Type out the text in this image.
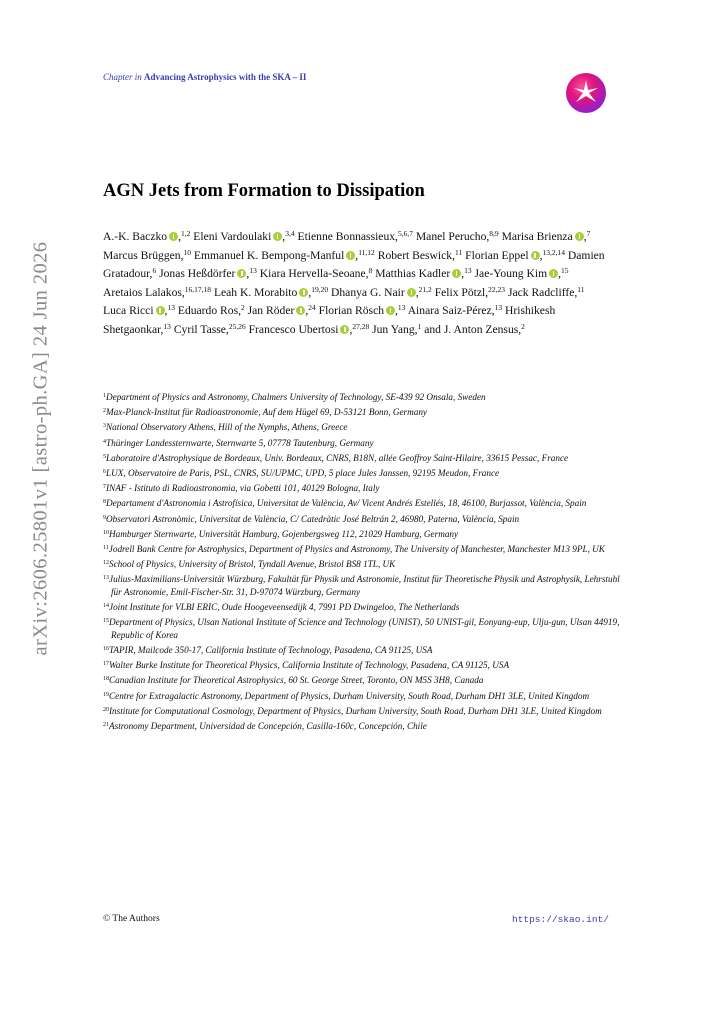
arXiv:2606.25801v1 [astro-ph.GA] 24 Jun 2026
Chapter in Advancing Astrophysics with the SKA – II
AGN Jets from Formation to Dissipation
A.-K. Baczko ,$^{1,2}$ Eleni Vardoulaki ,$^{3,4}$ Etienne Bonnassieux,$^{5,6,7}$ Manel Perucho,$^{8,9}$ Marisa Brienza ,$^7$ Marcus Brüggen,$^{10}$ Emmanuel K. Bempong-Manful ,$^{11,12}$ Robert Beswick,$^{11}$ Florian Eppel ,$^{13,2,14}$ Damien Gratadour,$^6$ Jonas Heßdörfer ,$^{13}$ Kiara Hervella-Seoane,$^8$ Matthias Kadler ,$^{13}$ Jae-Young Kim ,$^{15}$ Aretaios Lalakos,$^{16,17,18}$ Leah K. Morabito ,$^{19,20}$ Dhanya G. Nair ,$^{21,2}$ Felix Pötzl,$^{22,23}$ Jack Radcliffe,$^{11}$ Luca Ricci ,$^{13}$ Eduardo Ros,$^2$ Jan Röder ,$^{24}$ Florian Rösch ,$^{13}$ Ainara Saiz-Pérez,$^{13}$ Hrishikesh Shetgaonkar,$^{13}$ Cyril Tasse,$^{25,26}$ Francesco Ubertosi ,$^{27,28}$ Jun Yang,$^1$ and J. Anton Zensus,$^2$
$^1$Department of Physics and Astronomy, Chalmers University of Technology, SE-439 92 Onsala, Sweden
$^2$Max-Planck-Institut für Radioastronomie, Auf dem Hügel 69, D-53121 Bonn, Germany
$^3$National Observatory Athens, Hill of the Nymphs, Athens, Greece
$^4$Thüringer Landessternwarte, Sternwarte 5, 07778 Tautenburg, Germany
$^5$Laboratoire d'Astrophysique de Bordeaux, Univ. Bordeaux, CNRS, B18N, allée Geoffroy Saint-Hilaire, 33615 Pessac, France
$^6$LUX, Observatoire de Paris, PSL, CNRS, SU/UPMC, UPD, 5 place Jules Janssen, 92195 Meudon, France
$^7$INAF - Istituto di Radioastronomia, via Gobetti 101, 40129 Bologna, Italy
$^8$Departament d'Astronomia i Astrofísica, Universitat de València, Av/ Vicent Andrés Estellés, 18, 46100, Burjassot, València, Spain
$^9$Observatori Astronòmic, Universitat de València, C/ Catedràtic José Beltrán 2, 46980, Paterna, València, Spain
$^{10}$Hamburger Sternwarte, Universität Hamburg, Gojenbergsweg 112, 21029 Hamburg, Germany
$^{11}$Jodrell Bank Centre for Astrophysics, Department of Physics and Astronomy, The University of Manchester, Manchester M13 9PL, UK
$^{12}$School of Physics, University of Bristol, Tyndall Avenue, Bristol BS8 1TL, UK
$^{13}$Julius-Maximilians-Universität Würzburg, Fakultät für Physik und Astronomie, Institut für Theoretische Physik und Astrophysik, Lehrstuhl für Astronomie, Emil-Fischer-Str. 31, D-97074 Würzburg, Germany
$^{14}$Joint Institute for VLBI ERIC, Oude Hoogeveensedijk 4, 7991 PD Dwingeloo, The Netherlands
$^{15}$Department of Physics, Ulsan National Institute of Science and Technology (UNIST), 50 UNIST-gil, Eonyang-eup, Ulju-gun, Ulsan 44919, Republic of Korea
$^{16}$TAPIR, Mailcode 350-17, California Institute of Technology, Pasadena, CA 91125, USA
$^{17}$Walter Burke Institute for Theoretical Physics, California Institute of Technology, Pasadena, CA 91125, USA
$^{18}$Canadian Institute for Theoretical Astrophysics, 60 St. George Street, Toronto, ON M5S 3H8, Canada
$^{19}$Centre for Extragalactic Astronomy, Department of Physics, Durham University, South Road, Durham DH1 3LE, United Kingdom
$^{20}$Institute for Computational Cosmology, Department of Physics, Durham University, South Road, Durham DH1 3LE, United Kingdom
$^{21}$Astronomy Department, Universidad de Concepción, Casilla-160c, Concepción, Chile
© The Authors	https://skao.int/
